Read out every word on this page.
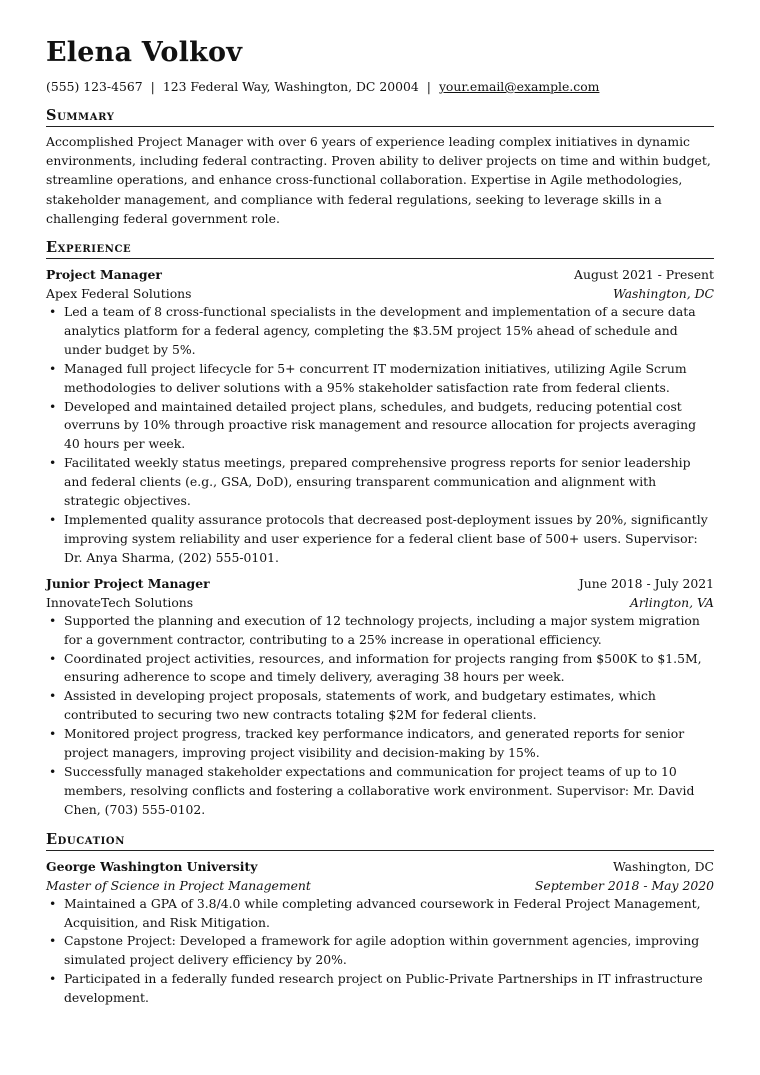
Elena Volkov
(555) 123-4567 | 123 Federal Way, Washington, DC 20004 | your.email@example.com
Summary

Accomplished Project Manager with over 6 years of experience leading complex initiatives in dynamic environments, including federal contracting. Proven ability to deliver projects on time and within budget, streamline operations, and enhance cross-functional collaboration. Expertise in Agile methodologies, stakeholder management, and compliance with federal regulations, seeking to leverage skills in a challenging federal government role.

Experience
Project Manager	August 2021 - Present
Apex Federal Solutions	Washington, DC
• Led a team of 8 cross-functional specialists in the development and implementation of a secure data analytics platform for a federal agency, completing the $3.5M project 15% ahead of schedule and under budget by 5%.
• Managed full project lifecycle for 5+ concurrent IT modernization initiatives, utilizing Agile Scrum methodologies to deliver solutions with a 95% stakeholder satisfaction rate from federal clients.
• Developed and maintained detailed project plans, schedules, and budgets, reducing potential cost overruns by 10% through proactive risk management and resource allocation for projects averaging 40 hours per week.
• Facilitated weekly status meetings, prepared comprehensive progress reports for senior leadership and federal clients (e.g., GSA, DoD), ensuring transparent communication and alignment with strategic objectives.
• Implemented quality assurance protocols that decreased post-deployment issues by 20%, significantly improving system reliability and user experience for a federal client base of 500+ users. Supervisor: Dr. Anya Sharma, (202) 555-0101.
Junior Project Manager	June 2018 - July 2021
InnovateTech Solutions	Arlington, VA
• Supported the planning and execution of 12 technology projects, including a major system migration for a government contractor, contributing to a 25% increase in operational efficiency.
• Coordinated project activities, resources, and information for projects ranging from $500K to $1.5M, ensuring adherence to scope and timely delivery, averaging 38 hours per week.
• Assisted in developing project proposals, statements of work, and budgetary estimates, which contributed to securing two new contracts totaling $2M for federal clients.
• Monitored project progress, tracked key performance indicators, and generated reports for senior project managers, improving project visibility and decision-making by 15%.
• Successfully managed stakeholder expectations and communication for project teams of up to 10 members, resolving conflicts and fostering a collaborative work environment. Supervisor: Mr. David Chen, (703) 555-0102.
Education
George Washington University	Washington, DC
Master of Science in Project Management	September 2018 - May 2020
• Maintained a GPA of 3.8/4.0 while completing advanced coursework in Federal Project Management, Acquisition, and Risk Mitigation.
• Capstone Project: Developed a framework for agile adoption within government agencies, improving simulated project delivery efficiency by 20%.
• Participated in a federally funded research project on Public-Private Partnerships in IT infrastructure development.
